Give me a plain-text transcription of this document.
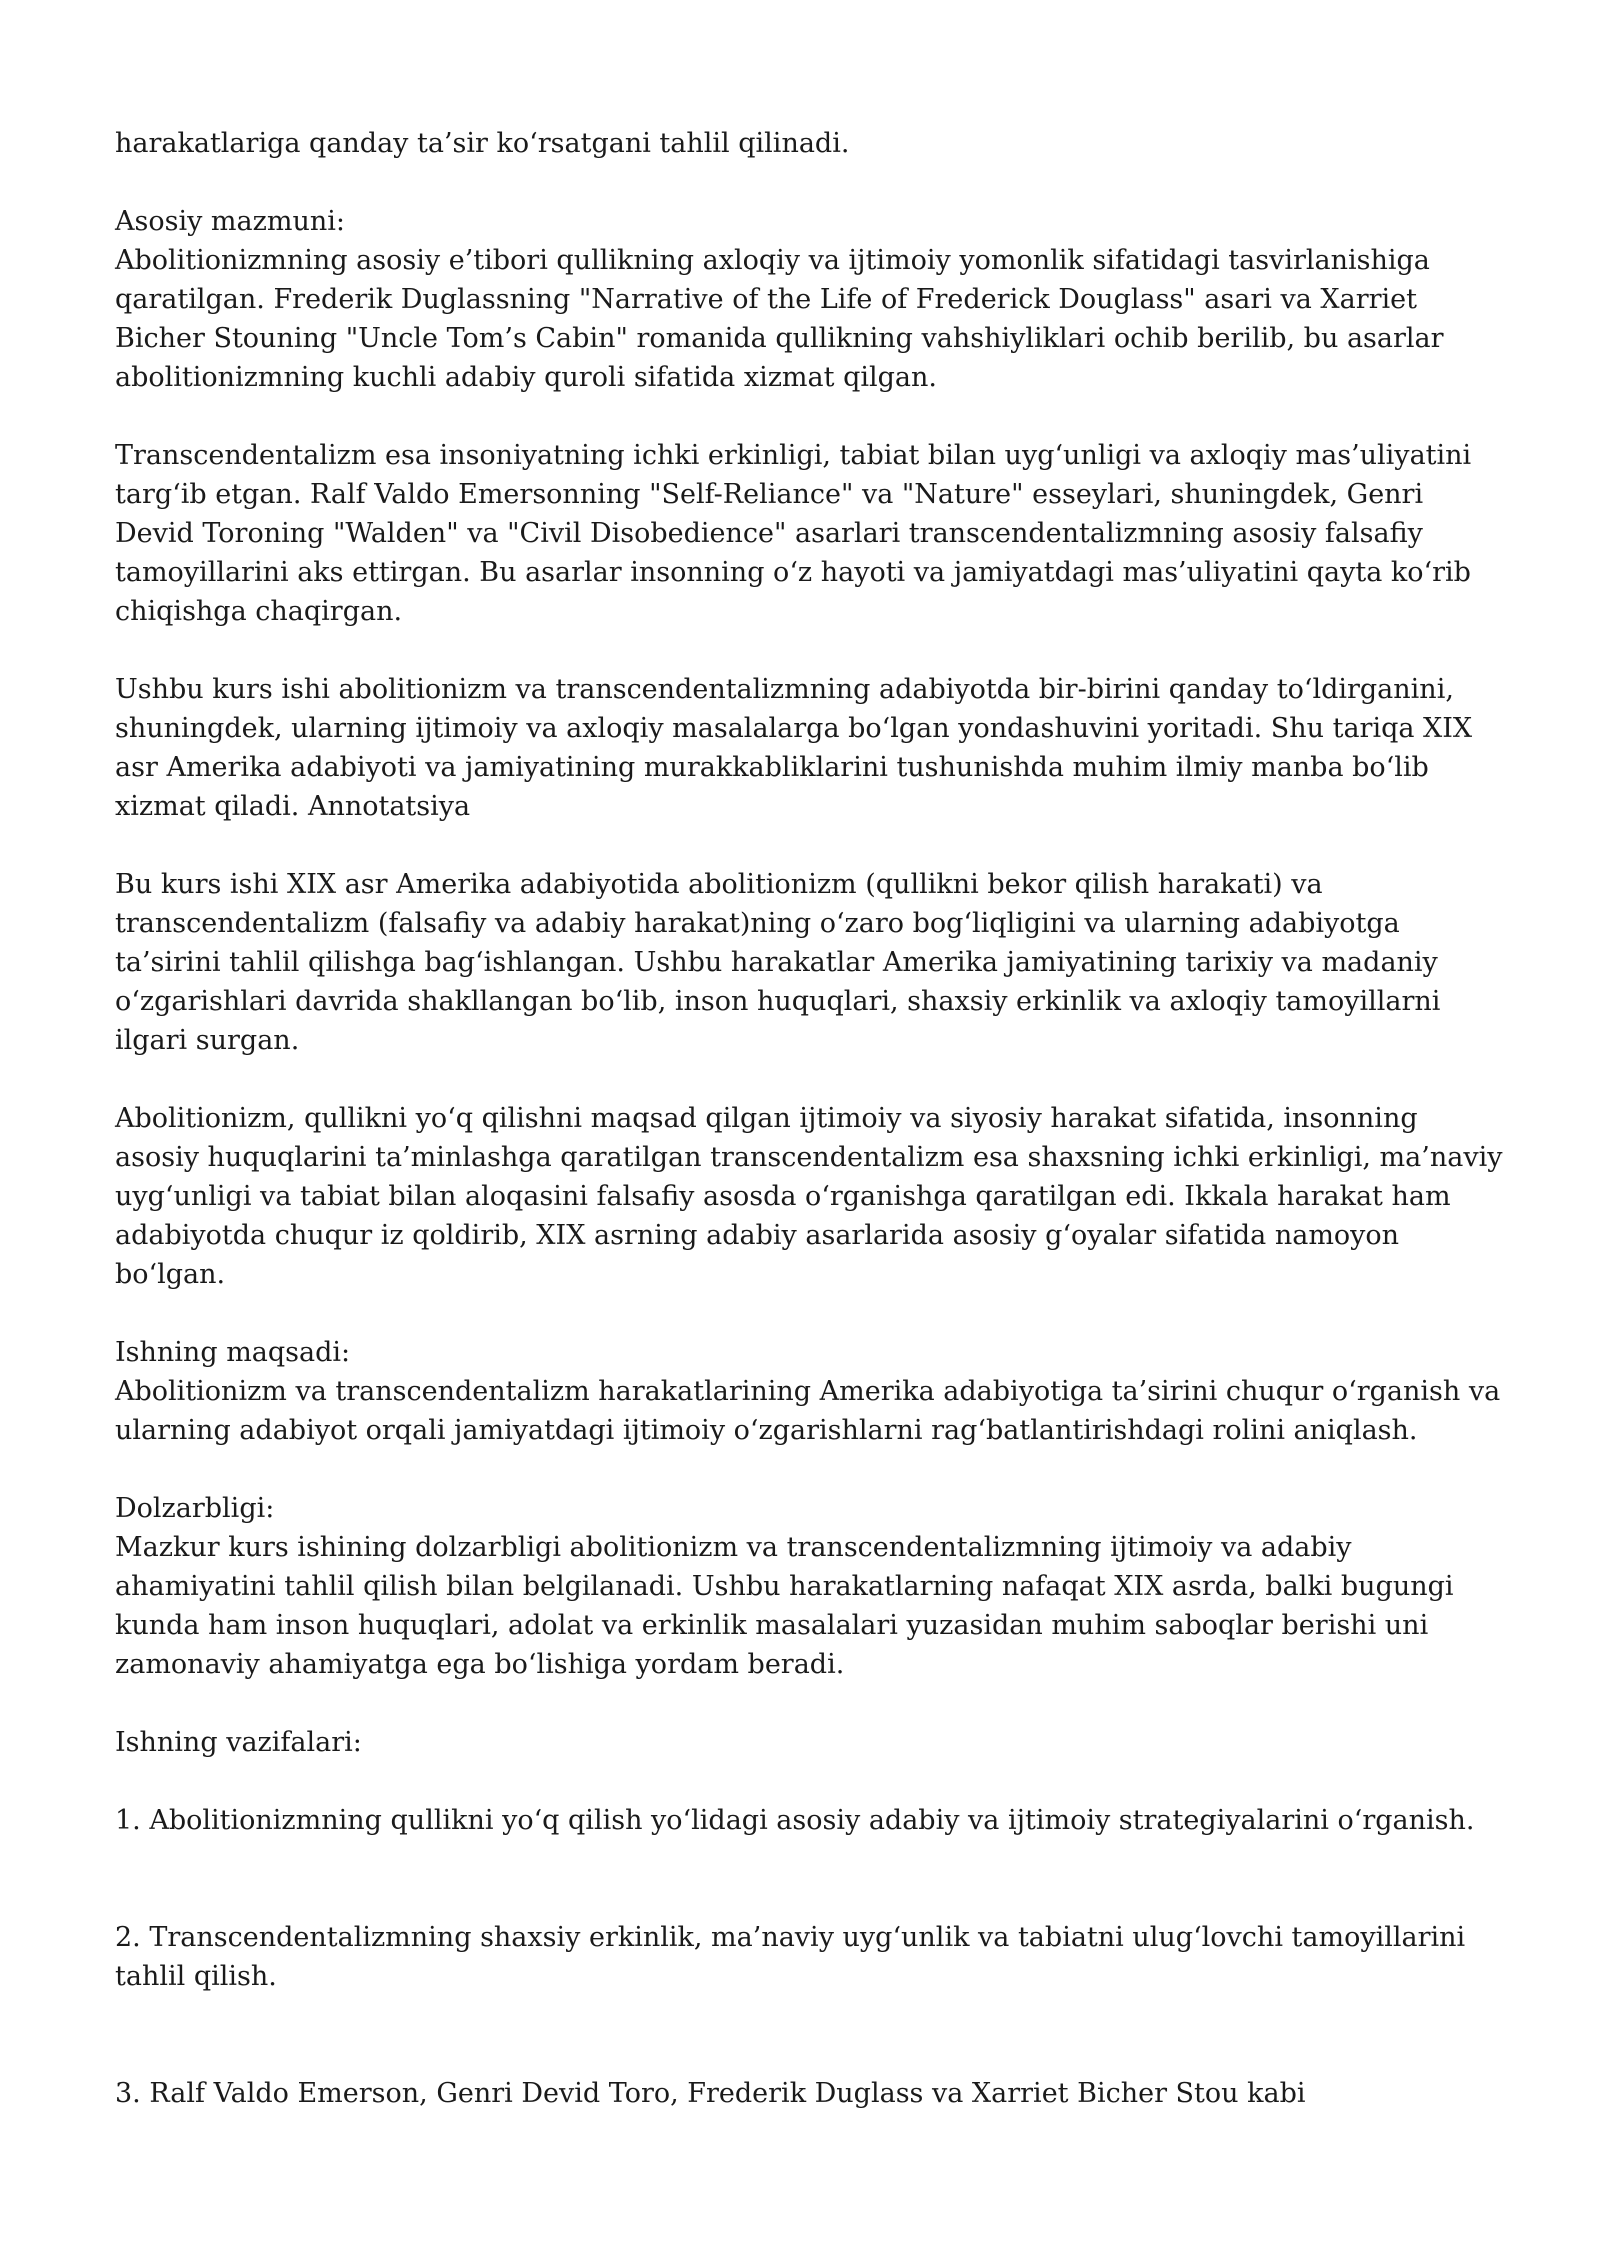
harakatlariga qanday ta’sir ko‘rsatgani tahlil qilinadi.

Asosiy mazmuni:
Abolitionizmning asosiy e’tibori qullikning axloqiy va ijtimoiy yomonlik sifatidagi tasvirlanishiga
qaratilgan. Frederik Duglassning "Narrative of the Life of Frederick Douglass" asari va Xarriet
Bicher Stouning "Uncle Tom’s Cabin" romanida qullikning vahshiyliklari ochib berilib, bu asarlar
abolitionizmning kuchli adabiy quroli sifatida xizmat qilgan.

Transcendentalizm esa insoniyatning ichki erkinligi, tabiat bilan uyg‘unligi va axloqiy mas’uliyatini
targ‘ib etgan. Ralf Valdo Emersonning "Self-Reliance" va "Nature" esseylari, shuningdek, Genri
Devid Toroning "Walden" va "Civil Disobedience" asarlari transcendentalizmning asosiy falsafiy
tamoyillarini aks ettirgan. Bu asarlar insonning o‘z hayoti va jamiyatdagi mas’uliyatini qayta ko‘rib
chiqishga chaqirgan.

Ushbu kurs ishi abolitionizm va transcendentalizmning adabiyotda bir-birini qanday to‘ldirganini,
shuningdek, ularning ijtimoiy va axloqiy masalalarga bo‘lgan yondashuvini yoritadi. Shu tariqa XIX
asr Amerika adabiyoti va jamiyatining murakkabliklarini tushunishda muhim ilmiy manba bo‘lib
xizmat qiladi. Annotatsiya

Bu kurs ishi XIX asr Amerika adabiyotida abolitionizm (qullikni bekor qilish harakati) va
transcendentalizm (falsafiy va adabiy harakat)ning o‘zaro bog‘liqligini va ularning adabiyotga
ta’sirini tahlil qilishga bag‘ishlangan. Ushbu harakatlar Amerika jamiyatining tarixiy va madaniy
o‘zgarishlari davrida shakllangan bo‘lib, inson huquqlari, shaxsiy erkinlik va axloqiy tamoyillarni
ilgari surgan.

Abolitionizm, qullikni yo‘q qilishni maqsad qilgan ijtimoiy va siyosiy harakat sifatida, insonning
asosiy huquqlarini ta’minlashga qaratilgan transcendentalizm esa shaxsning ichki erkinligi, ma’naviy
uyg‘unligi va tabiat bilan aloqasini falsafiy asosda o‘rganishga qaratilgan edi. Ikkala harakat ham
adabiyotda chuqur iz qoldirib, XIX asrning adabiy asarlarida asosiy g‘oyalar sifatida namoyon
bo‘lgan.

Ishning maqsadi:
Abolitionizm va transcendentalizm harakatlarining Amerika adabiyotiga ta’sirini chuqur o‘rganish va
ularning adabiyot orqali jamiyatdagi ijtimoiy o‘zgarishlarni rag‘batlantirishdagi rolini aniqlash.

Dolzarbligi:
Mazkur kurs ishining dolzarbligi abolitionizm va transcendentalizmning ijtimoiy va adabiy
ahamiyatini tahlil qilish bilan belgilanadi. Ushbu harakatlarning nafaqat XIX asrda, balki bugungi
kunda ham inson huquqlari, adolat va erkinlik masalalari yuzasidan muhim saboqlar berishi uni
zamonaviy ahamiyatga ega bo‘lishiga yordam beradi.

Ishning vazifalari:

1. Abolitionizmning qullikni yo‘q qilish yo‘lidagi asosiy adabiy va ijtimoiy strategiyalarini o‘rganish.

2. Transcendentalizmning shaxsiy erkinlik, ma’naviy uyg‘unlik va tabiatni ulug‘lovchi tamoyillarini
tahlil qilish.

3. Ralf Valdo Emerson, Genri Devid Toro, Frederik Duglass va Xarriet Bicher Stou kabi
